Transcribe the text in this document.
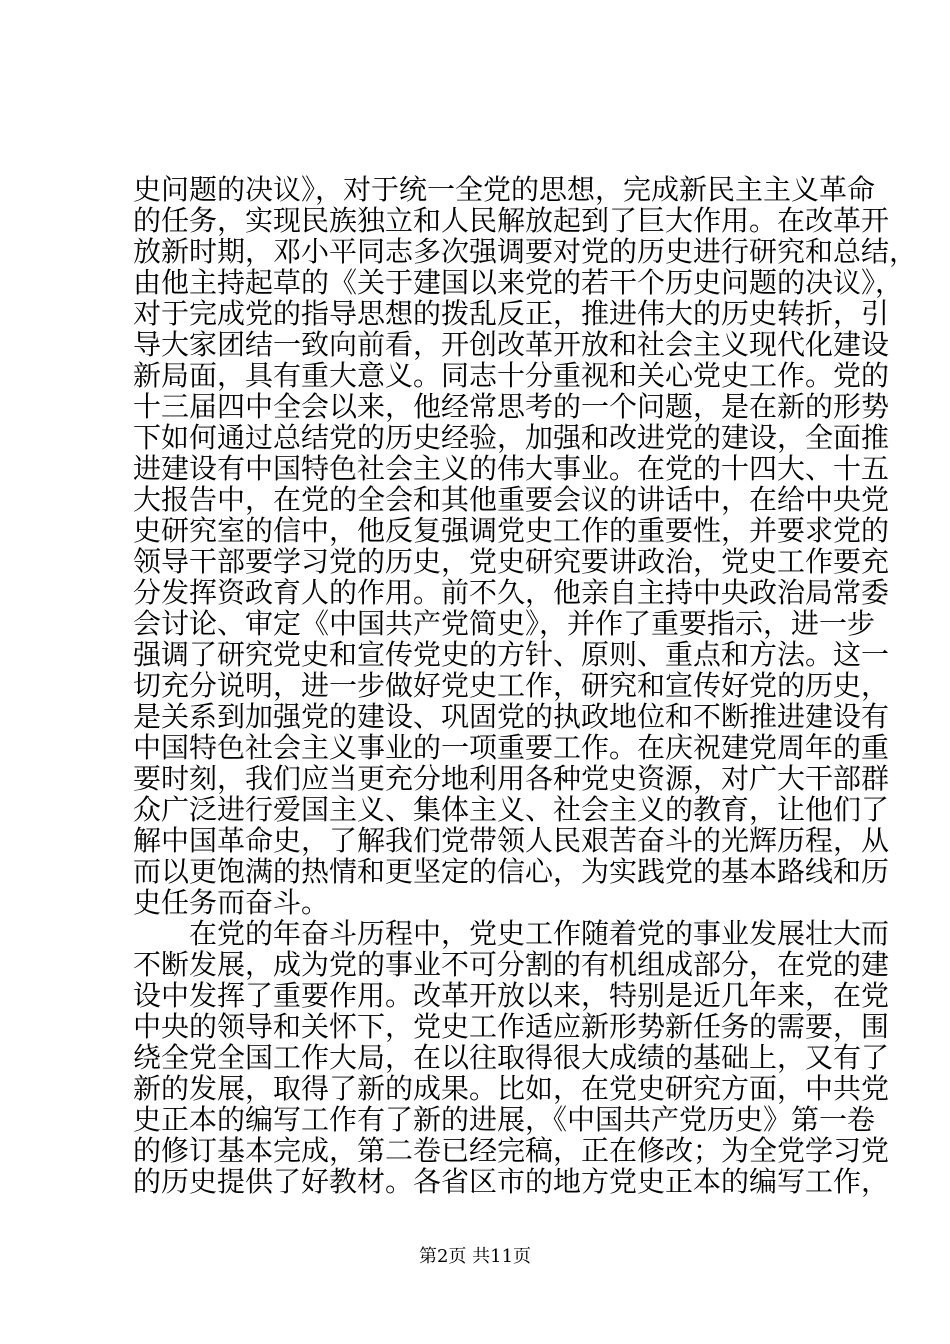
史问题的决议》，对于统一全党的思想，完成新民主主义革命
的任务，实现民族独立和人民解放起到了巨大作用。在改革开
放新时期，邓小平同志多次强调要对党的历史进行研究和总结，
由他主持起草的《关于建国以来党的若干个历史问题的决议》，
对于完成党的指导思想的拨乱反正，推进伟大的历史转折，引
导大家团结一致向前看，开创改革开放和社会主义现代化建设
新局面，具有重大意义。同志十分重视和关心党史工作。党的
十三届四中全会以来，他经常思考的一个问题，是在新的形势
下如何通过总结党的历史经验，加强和改进党的建设，全面推
进建设有中国特色社会主义的伟大事业。在党的十四大、十五
大报告中，在党的全会和其他重要会议的讲话中，在给中央党
史研究室的信中，他反复强调党史工作的重要性，并要求党的
领导干部要学习党的历史，党史研究要讲政治，党史工作要充
分发挥资政育人的作用。前不久，他亲自主持中央政治局常委
会讨论、审定《中国共产党简史》，并作了重要指示，进一步
强调了研究党史和宣传党史的方针、原则、重点和方法。这一
切充分说明，进一步做好党史工作，研究和宣传好党的历史，
是关系到加强党的建设、巩固党的执政地位和不断推进建设有
中国特色社会主义事业的一项重要工作。在庆祝建党周年的重
要时刻，我们应当更充分地利用各种党史资源，对广大干部群
众广泛进行爱国主义、集体主义、社会主义的教育，让他们了
解中国革命史，了解我们党带领人民艰苦奋斗的光辉历程，从
而以更饱满的热情和更坚定的信心，为实践党的基本路线和历
史任务而奋斗。
　　在党的年奋斗历程中，党史工作随着党的事业发展壮大而
不断发展，成为党的事业不可分割的有机组成部分，在党的建
设中发挥了重要作用。改革开放以来，特别是近几年来，在党
中央的领导和关怀下，党史工作适应新形势新任务的需要，围
绕全党全国工作大局，在以往取得很大成绩的基础上，又有了
新的发展，取得了新的成果。比如，在党史研究方面，中共党
史正本的编写工作有了新的进展，《中国共产党历史》第一卷
的修订基本完成，第二卷已经完稿，正在修改；为全党学习党
的历史提供了好教材。各省区市的地方党史正本的编写工作，
第2页 共11页
